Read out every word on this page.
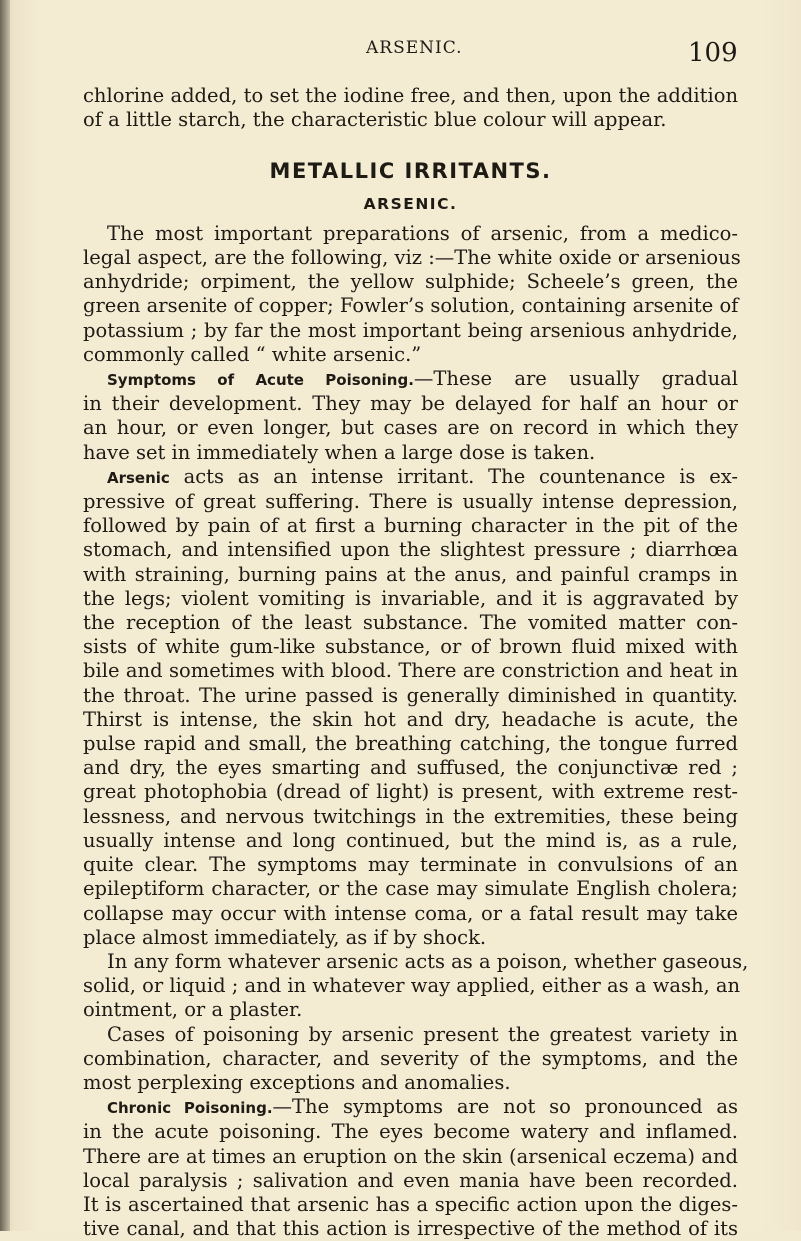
ARSENIC.	109

chlorine added, to set the iodine free, and then, upon the addition
of a little starch, the characteristic blue colour will appear.

METALLIC IRRITANTS.
ARSENIC.

The most important preparations of arsenic, from a medico-
legal aspect, are the following, viz :—The white oxide or arsenious
anhydride; orpiment, the yellow sulphide; Scheele’s green, the
green arsenite of copper; Fowler’s solution, containing arsenite of
potassium ; by far the most important being arsenious anhydride,
commonly called “ white arsenic.”

Symptoms of Acute Poisoning.—These are usually gradual
in their development. They may be delayed for half an hour or
an hour, or even longer, but cases are on record in which they
have set in immediately when a large dose is taken.

Arsenic acts as an intense irritant. The countenance is ex-
pressive of great suffering. There is usually intense depression,
followed by pain of at first a burning character in the pit of the
stomach, and intensified upon the slightest pressure ; diarrhœa
with straining, burning pains at the anus, and painful cramps in
the legs; violent vomiting is invariable, and it is aggravated by
the reception of the least substance. The vomited matter con-
sists of white gum-like substance, or of brown fluid mixed with
bile and sometimes with blood. There are constriction and heat in
the throat. The urine passed is generally diminished in quantity.
Thirst is intense, the skin hot and dry, headache is acute, the
pulse rapid and small, the breathing catching, the tongue furred
and dry, the eyes smarting and suffused, the conjunctivæ red ;
great photophobia (dread of light) is present, with extreme rest-
lessness, and nervous twitchings in the extremities, these being
usually intense and long continued, but the mind is, as a rule,
quite clear. The symptoms may terminate in convulsions of an
epileptiform character, or the case may simulate English cholera;
collapse may occur with intense coma, or a fatal result may take
place almost immediately, as if by shock.

In any form whatever arsenic acts as a poison, whether gaseous,
solid, or liquid ; and in whatever way applied, either as a wash, an
ointment, or a plaster.

Cases of poisoning by arsenic present the greatest variety in
combination, character, and severity of the symptoms, and the
most perplexing exceptions and anomalies.

Chronic Poisoning.—The symptoms are not so pronounced as
in the acute poisoning. The eyes become watery and inflamed.
There are at times an eruption on the skin (arsenical eczema) and
local paralysis ; salivation and even mania have been recorded.
It is ascertained that arsenic has a specific action upon the diges-
tive canal, and that this action is irrespective of the method of its
